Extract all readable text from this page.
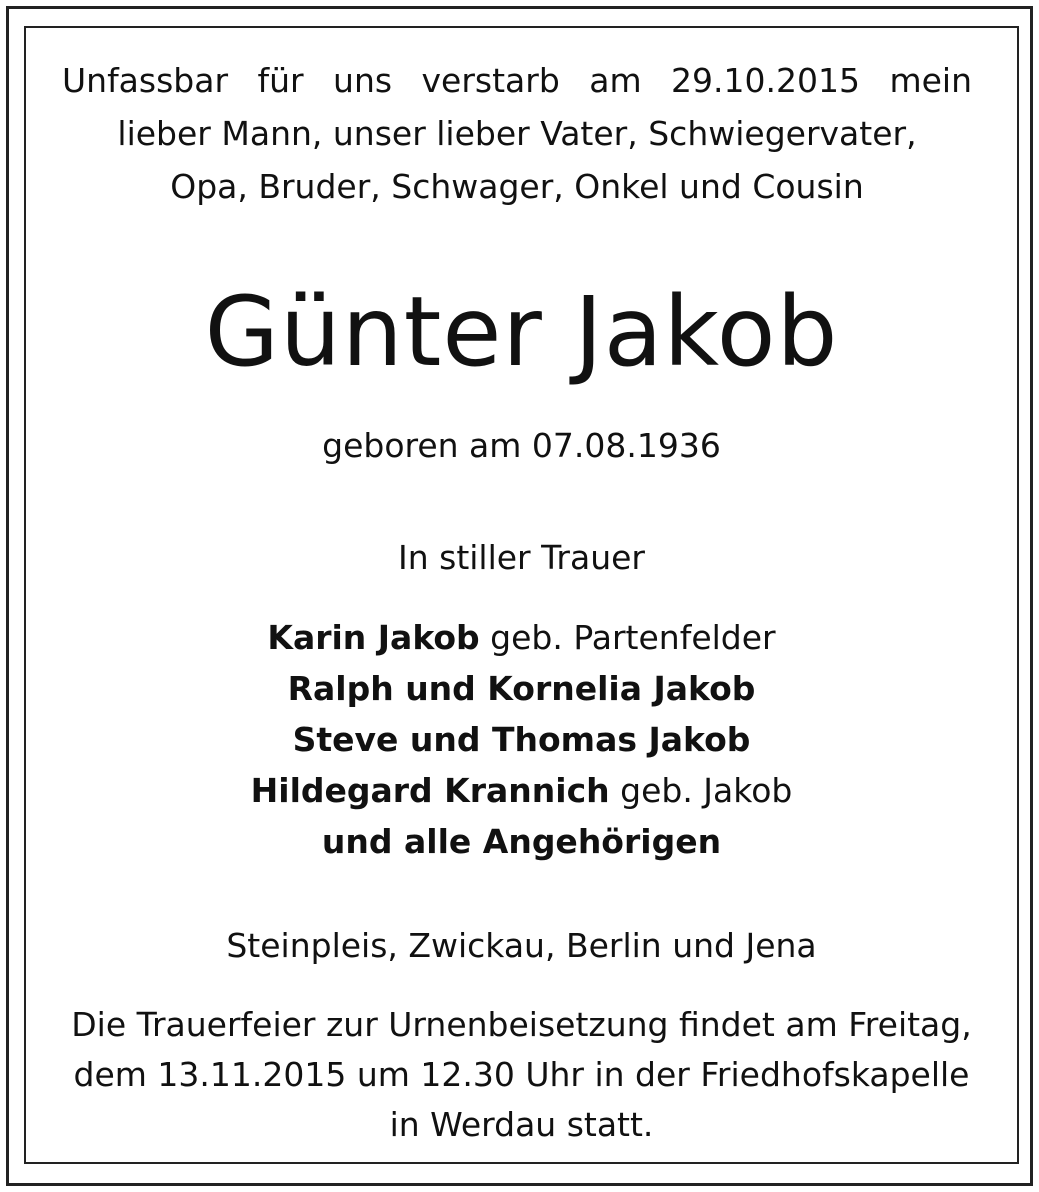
Unfassbar für uns verstarb am 29.10.2015 mein
lieber Mann, unser lieber Vater, Schwiegervater,
Opa, Bruder, Schwager, Onkel und Cousin

Günter Jakob
geboren am 07.08.1936
In stiller Trauer
Karin Jakob geb. Partenfelder
Ralph und Kornelia Jakob
Steve und Thomas Jakob
Hildegard Krannich geb. Jakob
und alle Angehörigen
Steinpleis, Zwickau, Berlin und Jena

Die Trauerfeier zur Urnenbeisetzung findet am Freitag,
dem 13.11.2015 um 12.30 Uhr in der Friedhofskapelle
in Werdau statt.
